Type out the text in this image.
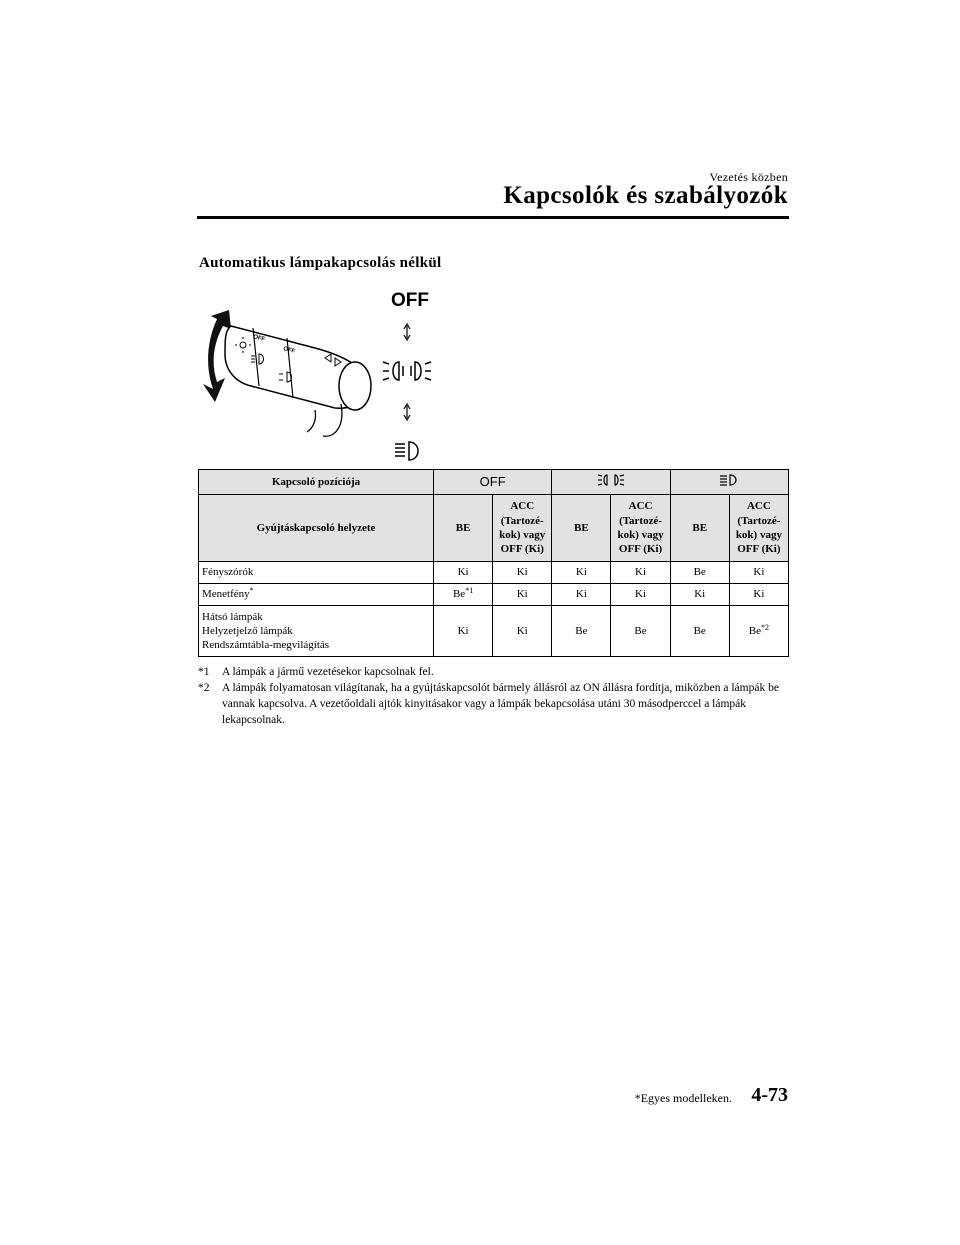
Vezetés közben
Kapcsolók és szabályozók
Automatikus lámpakapcsolás nélkül
OFF
OFF
OFF
Kapcsoló pozíciója	OFF		
Gyújtáskapcsoló helyzete	BE	ACC (Tartozé-kok) vagy OFF (Ki)	BE	ACC (Tartozé-kok) vagy OFF (Ki)	BE	ACC (Tartozé-kok) vagy OFF (Ki)
Fényszórók	Ki	Ki	Ki	Ki	Be	Ki
Menetfény*	Be$^{*1}$	Ki	Ki	Ki	Ki	Ki

Hátsó lámpák
Helyzetjelző lámpák
Rendszámtábla-megvilágítás	Ki	Ki	Be	Be	Be	Be$^{*2}$
*1 A lámpák a jármű vezetésekor kapcsolnak fel.
*2 A lámpák folyamatosan világítanak, ha a gyújtáskapcsolót bármely állásról az ON állásra fordítja, miközben a lámpák be vannak kapcsolva. A vezetőoldali ajtók kinyitásakor vagy a lámpák bekapcsolása utáni 30 másodperccel a lámpák lekapcsolnak.
*Egyes modelleken. 4-73
